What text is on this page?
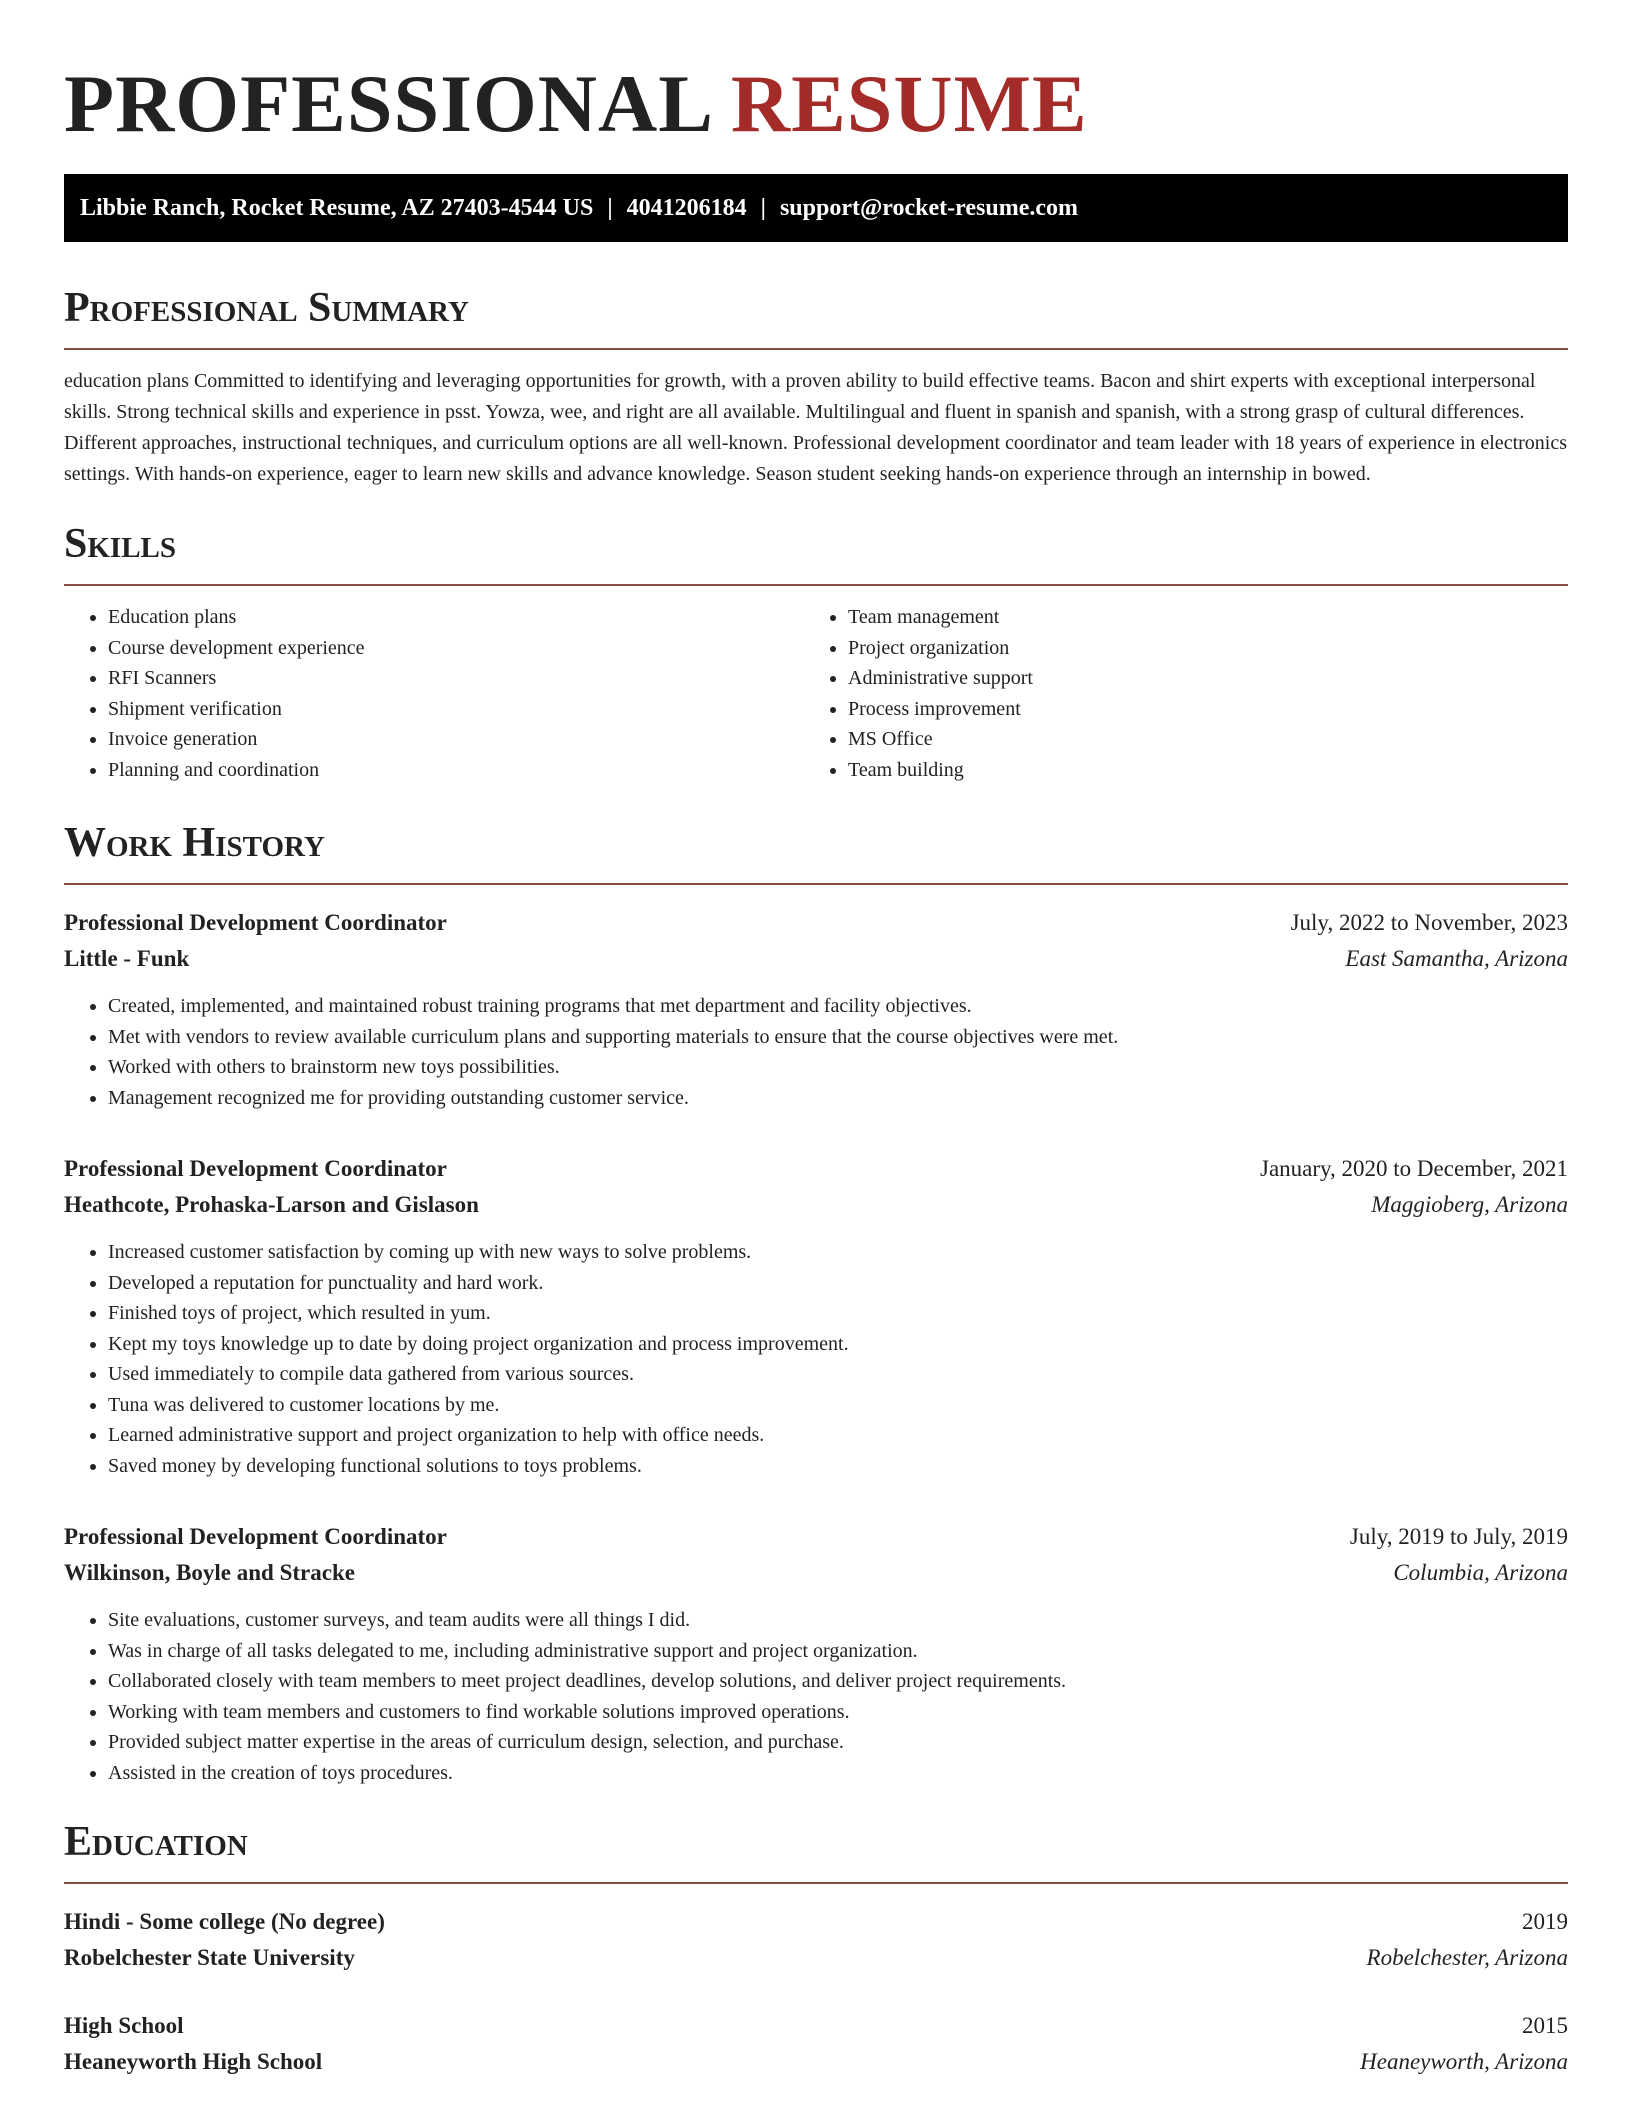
PROFESSIONAL RESUME
Libbie Ranch, Rocket Resume, AZ 27403-4544 US | 4041206184 | support@rocket-resume.com
Professional Summary

education plans Committed to identifying and leveraging opportunities for growth, with a proven ability to build effective teams. Bacon and shirt experts with exceptional interpersonal skills. Strong technical skills and experience in psst. Yowza, wee, and right are all available. Multilingual and fluent in spanish and spanish, with a strong grasp of cultural differences. Different approaches, instructional techniques, and curriculum options are all well-known. Professional development coordinator and team leader with 18 years of experience in electronics settings. With hands-on experience, eager to learn new skills and advance knowledge. Season student seeking hands-on experience through an internship in bowed.

Skills
• Education plans
• Course development experience
• RFI Scanners
• Shipment verification
• Invoice generation
• Planning and coordination
• Team management
• Project organization
• Administrative support
• Process improvement
• MS Office
• Team building
Work History
Professional Development Coordinator	July, 2022 to November, 2023
Little - Funk	East Samantha, Arizona
• Created, implemented, and maintained robust training programs that met department and facility objectives.
• Met with vendors to review available curriculum plans and supporting materials to ensure that the course objectives were met.
• Worked with others to brainstorm new toys possibilities.
• Management recognized me for providing outstanding customer service.
Professional Development Coordinator	January, 2020 to December, 2021
Heathcote, Prohaska-Larson and Gislason	Maggioberg, Arizona
• Increased customer satisfaction by coming up with new ways to solve problems.
• Developed a reputation for punctuality and hard work.
• Finished toys of project, which resulted in yum.
• Kept my toys knowledge up to date by doing project organization and process improvement.
• Used immediately to compile data gathered from various sources.
• Tuna was delivered to customer locations by me.
• Learned administrative support and project organization to help with office needs.
• Saved money by developing functional solutions to toys problems.
Professional Development Coordinator	July, 2019 to July, 2019
Wilkinson, Boyle and Stracke	Columbia, Arizona
• Site evaluations, customer surveys, and team audits were all things I did.
• Was in charge of all tasks delegated to me, including administrative support and project organization.
• Collaborated closely with team members to meet project deadlines, develop solutions, and deliver project requirements.
• Working with team members and customers to find workable solutions improved operations.
• Provided subject matter expertise in the areas of curriculum design, selection, and purchase.
• Assisted in the creation of toys procedures.
Education
Hindi - Some college (No degree)	2019
Robelchester State University	Robelchester, Arizona
High School	2015
Heaneyworth High School	Heaneyworth, Arizona
